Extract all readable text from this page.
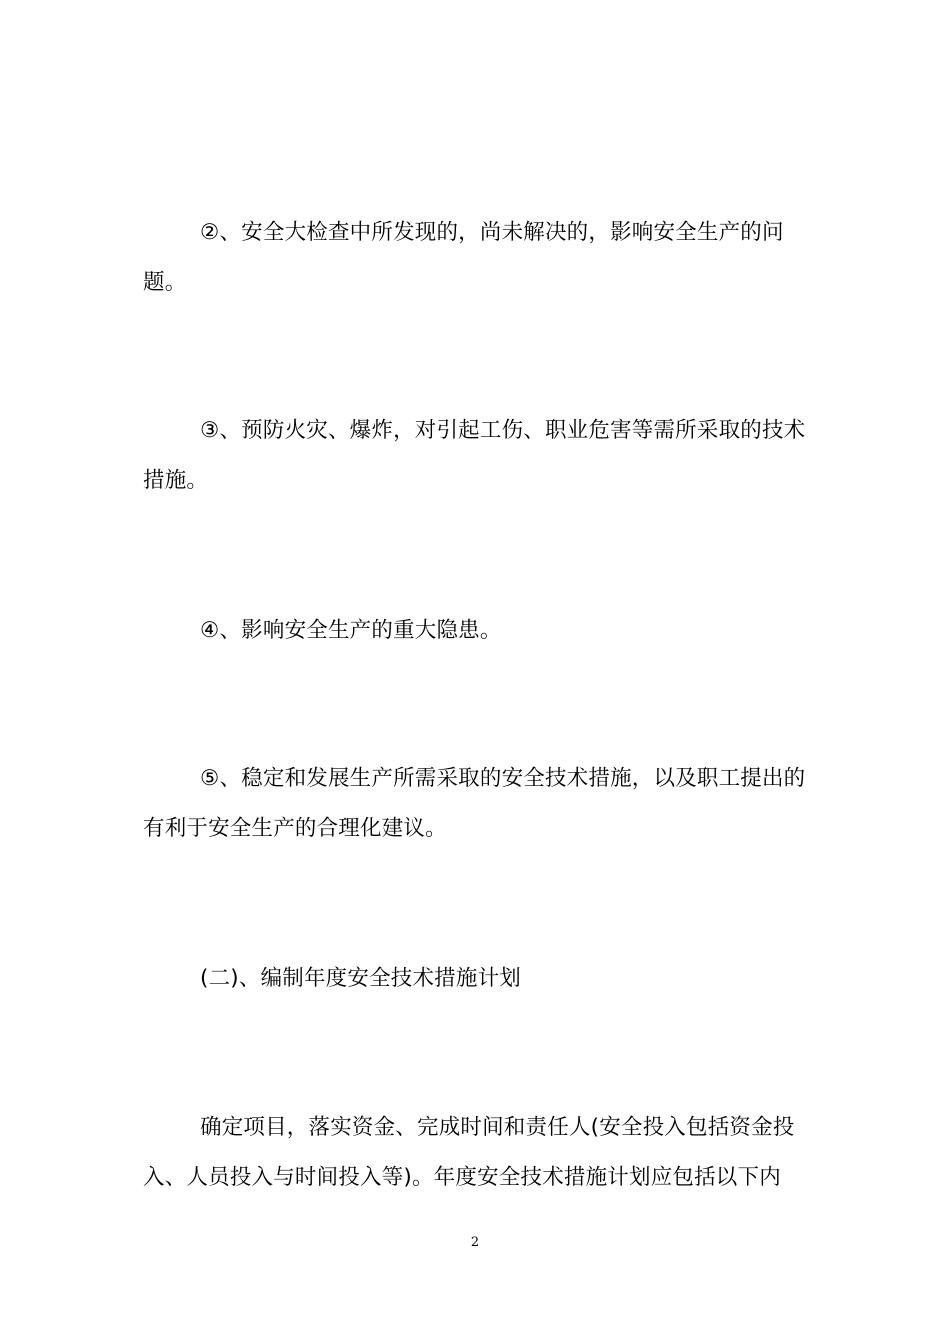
②、安全大检查中所发现的，尚未解决的，影响安全生产的问题。

③、预防火灾、爆炸，对引起工伤、职业危害等需所采取的技术措施。

④、影响安全生产的重大隐患。

⑤、稳定和发展生产所需采取的安全技术措施，以及职工提出的有利于安全生产的合理化建议。

(二)、编制年度安全技术措施计划

确定项目，落实资金、完成时间和责任人(安全投入包括资金投入、人员投入与时间投入等)。年度安全技术措施计划应包括以下内

2
